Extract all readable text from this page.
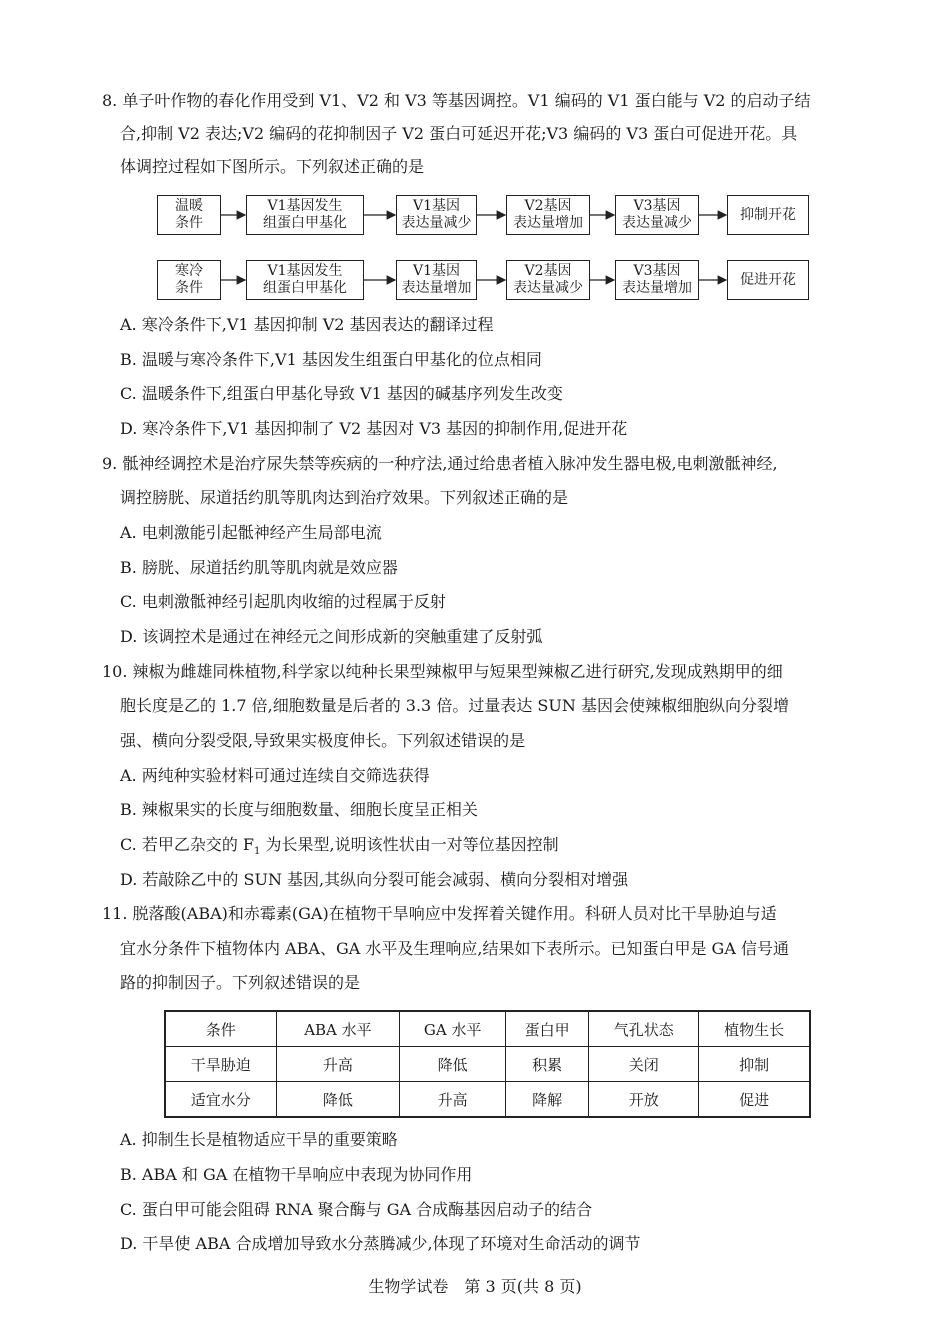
8. 单子叶作物的春化作用受到 V1、V2 和 V3 等基因调控。V1 编码的 V1 蛋白能与 V2 的启动子结
合,抑制 V2 表达;V2 编码的花抑制因子 V2 蛋白可延迟开花;V3 编码的 V3 蛋白可促进开花。具
体调控过程如下图所示。下列叙述正确的是
温暖
条件
V1基因发生
组蛋白甲基化
V1基因
表达量减少
V2基因
表达量增加
V3基因
表达量减少
抑制开花
寒冷
条件
V1基因发生
组蛋白甲基化
V1基因
表达量增加
V2基因
表达量减少
V3基因
表达量增加
促进开花
A. 寒冷条件下,V1 基因抑制 V2 基因表达的翻译过程
B. 温暖与寒冷条件下,V1 基因发生组蛋白甲基化的位点相同
C. 温暖条件下,组蛋白甲基化导致 V1 基因的碱基序列发生改变
D. 寒冷条件下,V1 基因抑制了 V2 基因对 V3 基因的抑制作用,促进开花
9. 骶神经调控术是治疗尿失禁等疾病的一种疗法,通过给患者植入脉冲发生器电极,电刺激骶神经,
调控膀胱、尿道括约肌等肌肉达到治疗效果。下列叙述正确的是
A. 电刺激能引起骶神经产生局部电流
B. 膀胱、尿道括约肌等肌肉就是效应器
C. 电刺激骶神经引起肌肉收缩的过程属于反射
D. 该调控术是通过在神经元之间形成新的突触重建了反射弧
10. 辣椒为雌雄同株植物,科学家以纯种长果型辣椒甲与短果型辣椒乙进行研究,发现成熟期甲的细
胞长度是乙的 1.7 倍,细胞数量是后者的 3.3 倍。过量表达 SUN 基因会使辣椒细胞纵向分裂增
强、横向分裂受限,导致果实极度伸长。下列叙述错误的是
A. 两纯种实验材料可通过连续自交筛选获得
B. 辣椒果实的长度与细胞数量、细胞长度呈正相关
C. 若甲乙杂交的 $F_1$ 为长果型,说明该性状由一对等位基因控制
D. 若敲除乙中的 SUN 基因,其纵向分裂可能会减弱、横向分裂相对增强
11. 脱落酸(ABA)和赤霉素(GA)在植物干旱响应中发挥着关键作用。科研人员对比干旱胁迫与适
宜水分条件下植物体内 ABA、GA 水平及生理响应,结果如下表所示。已知蛋白甲是 GA 信号通
路的抑制因子。下列叙述错误的是
条件	ABA 水平	GA 水平	蛋白甲	气孔状态	植物生长
干旱胁迫	升高	降低	积累	关闭	抑制
适宜水分	降低	升高	降解	开放	促进
A. 抑制生长是植物适应干旱的重要策略
B. ABA 和 GA 在植物干旱响应中表现为协同作用
C. 蛋白甲可能会阻碍 RNA 聚合酶与 GA 合成酶基因启动子的结合
D. 干旱使 ABA 合成增加导致水分蒸腾减少,体现了环境对生命活动的调节
生物学试卷　第 3 页(共 8 页)
